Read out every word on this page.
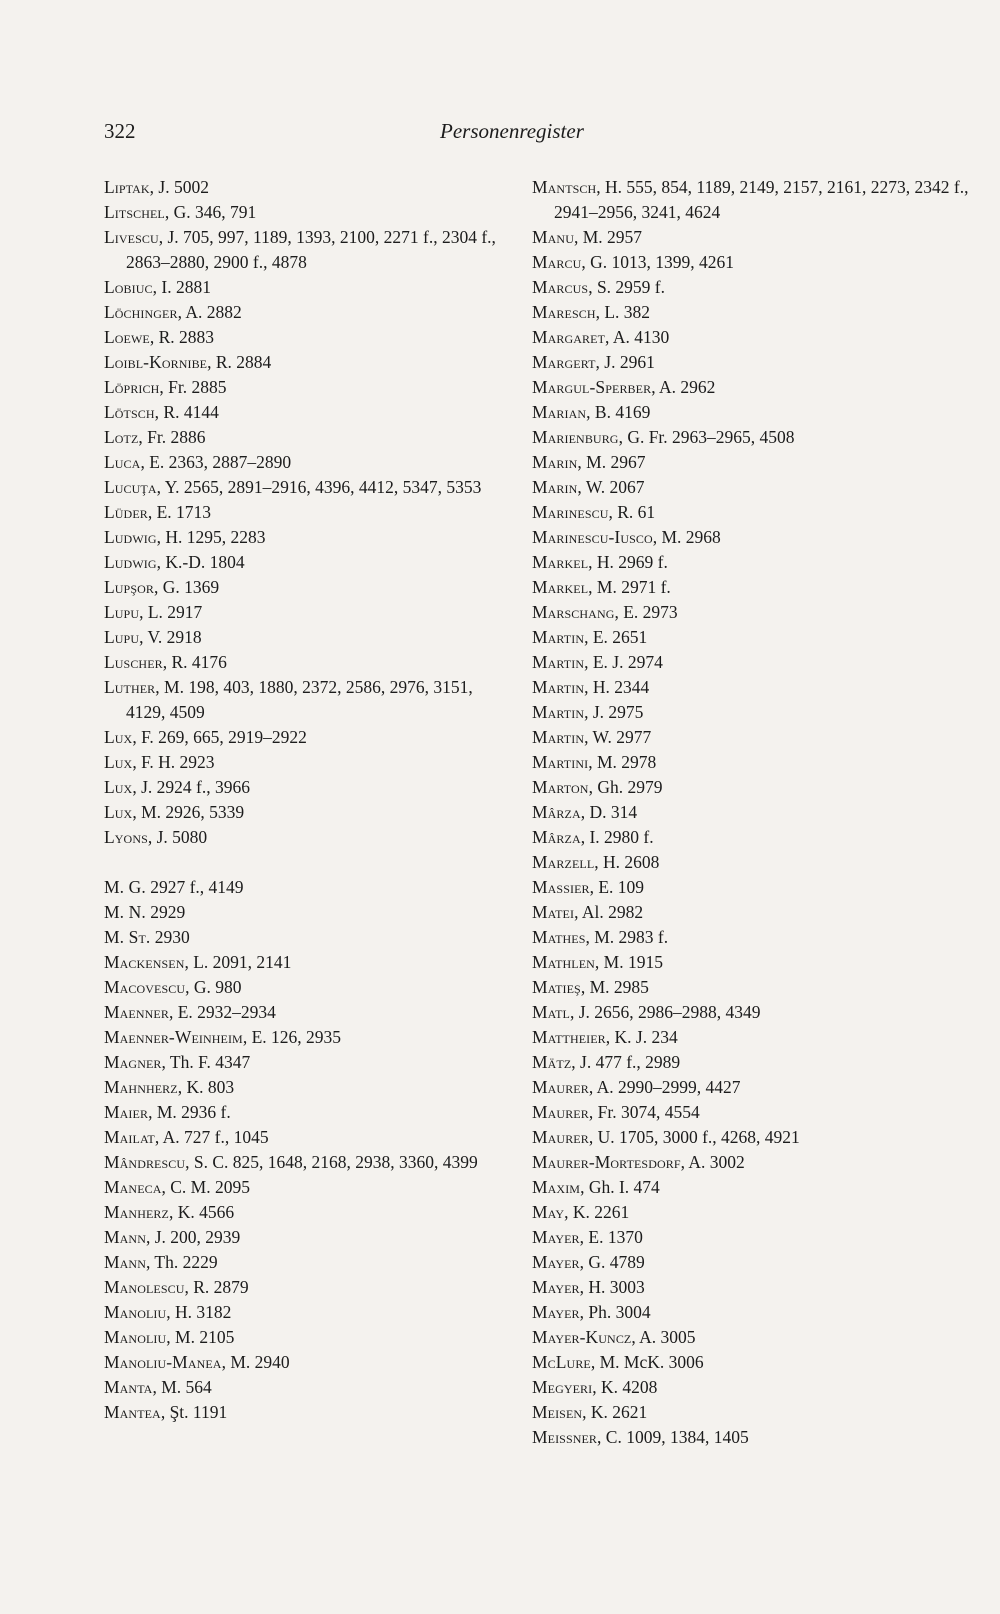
322	Personenregister
Liptak, J. 5002
Litschel, G. 346, 791
Livescu, J. 705, 997, 1189, 1393, 2100, 2271 f., 2304 f., 2863–2880, 2900 f., 4878
Lobiuc, I. 2881
Löchinger, A. 2882
Loewe, R. 2883
Loibl-Kornibe, R. 2884
Löprich, Fr. 2885
Lötsch, R. 4144
Lotz, Fr. 2886
Luca, E. 2363, 2887–2890
Lucuţa, Y. 2565, 2891–2916, 4396, 4412, 5347, 5353
Lüder, E. 1713
Ludwig, H. 1295, 2283
Ludwig, K.-D. 1804
Lupşor, G. 1369
Lupu, L. 2917
Lupu, V. 2918
Luscher, R. 4176
Luther, M. 198, 403, 1880, 2372, 2586, 2976, 3151, 4129, 4509
Lux, F. 269, 665, 2919–2922
Lux, F. H. 2923
Lux, J. 2924 f., 3966
Lux, M. 2926, 5339
Lyons, J. 5080
M. G. 2927 f., 4149
M. N. 2929
M. St. 2930
Mackensen, L. 2091, 2141
Macovescu, G. 980
Maenner, E. 2932–2934
Maenner-Weinheim, E. 126, 2935
Magner, Th. F. 4347
Mahnherz, K. 803
Maier, M. 2936 f.
Mailat, A. 727 f., 1045
Mândrescu, S. C. 825, 1648, 2168, 2938, 3360, 4399
Maneca, C. M. 2095
Manherz, K. 4566
Mann, J. 200, 2939
Mann, Th. 2229
Manolescu, R. 2879
Manoliu, H. 3182
Manoliu, M. 2105
Manoliu-Manea, M. 2940
Manta, M. 564
Mantea, Şt. 1191
Mantsch, H. 555, 854, 1189, 2149, 2157, 2161, 2273, 2342 f., 2941–2956, 3241, 4624
Manu, M. 2957
Marcu, G. 1013, 1399, 4261
Marcus, S. 2959 f.
Maresch, L. 382
Margaret, A. 4130
Margert, J. 2961
Margul-Sperber, A. 2962
Marian, B. 4169
Marienburg, G. Fr. 2963–2965, 4508
Marin, M. 2967
Marin, W. 2067
Marinescu, R. 61
Marinescu-Iusco, M. 2968
Markel, H. 2969 f.
Markel, M. 2971 f.
Marschang, E. 2973
Martin, E. 2651
Martin, E. J. 2974
Martin, H. 2344
Martin, J. 2975
Martin, W. 2977
Martini, M. 2978
Marton, Gh. 2979
Mârza, D. 314
Mârza, I. 2980 f.
Marzell, H. 2608
Massier, E. 109
Matei, Al. 2982
Mathes, M. 2983 f.
Mathlen, M. 1915
Matieş, M. 2985
Matl, J. 2656, 2986–2988, 4349
Mattheier, K. J. 234
Mätz, J. 477 f., 2989
Maurer, A. 2990–2999, 4427
Maurer, Fr. 3074, 4554
Maurer, U. 1705, 3000 f., 4268, 4921
Maurer-Mortesdorf, A. 3002
Maxim, Gh. I. 474
May, K. 2261
Mayer, E. 1370
Mayer, G. 4789
Mayer, H. 3003
Mayer, Ph. 3004
Mayer-Kuncz, A. 3005
McLure, M. McK. 3006
Megyeri, K. 4208
Meisen, K. 2621
Meissner, C. 1009, 1384, 1405
